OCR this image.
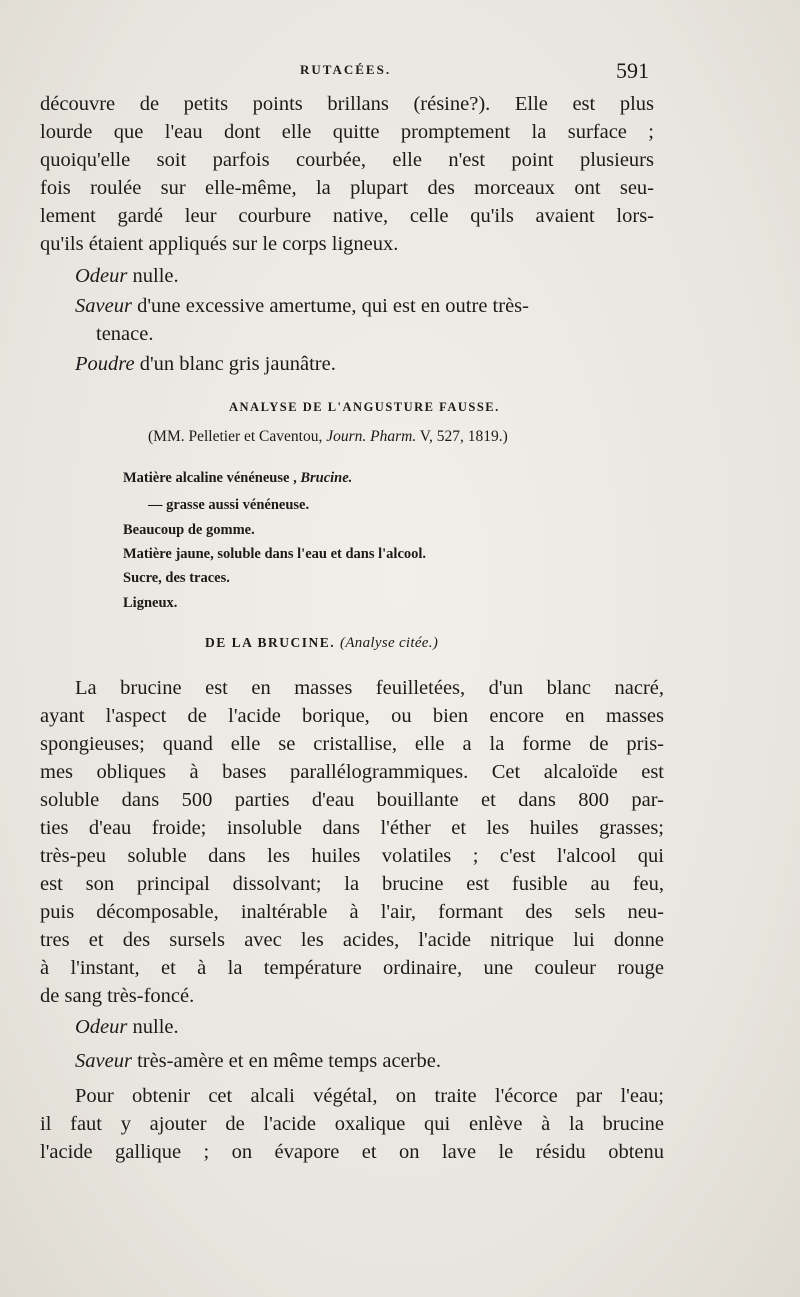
RUTACÉES.	591
découvre de petits points brillans (résine?). Elle est plus
lourde que l'eau dont elle quitte promptement la surface ;
quoiqu'elle soit parfois courbée, elle n'est point plusieurs
fois roulée sur elle-même, la plupart des morceaux ont seu-
lement gardé leur courbure native, celle qu'ils avaient lors-
qu'ils étaient appliqués sur le corps ligneux.
Odeur nulle.
Saveur d'une excessive amertume, qui est en outre très-
tenace.
Poudre d'un blanc gris jaunâtre.
ANALYSE DE L'ANGUSTURE FAUSSE.
(MM. Pelletier et Caventou, Journ. Pharm. V, 527, 1819.)
Matière alcaline vénéneuse , Brucine.
— grasse aussi vénéneuse.
Beaucoup de gomme.
Matière jaune, soluble dans l'eau et dans l'alcool.
Sucre, des traces.
Ligneux.
DE LA BRUCINE. (Analyse citée.)
La brucine est en masses feuilletées, d'un blanc nacré,
ayant l'aspect de l'acide borique, ou bien encore en masses
spongieuses; quand elle se cristallise, elle a la forme de pris-
mes obliques à bases parallélogrammiques. Cet alcaloïde est
soluble dans 500 parties d'eau bouillante et dans 800 par-
ties d'eau froide; insoluble dans l'éther et les huiles grasses;
très-peu soluble dans les huiles volatiles ; c'est l'alcool qui
est son principal dissolvant; la brucine est fusible au feu,
puis décomposable, inaltérable à l'air, formant des sels neu-
tres et des sursels avec les acides, l'acide nitrique lui donne
à l'instant, et à la température ordinaire, une couleur rouge
de sang très-foncé.
Odeur nulle.
Saveur très-amère et en même temps acerbe.
Pour obtenir cet alcali végétal, on traite l'écorce par l'eau;
il faut y ajouter de l'acide oxalique qui enlève à la brucine
l'acide gallique ; on évapore et on lave le résidu obtenu
